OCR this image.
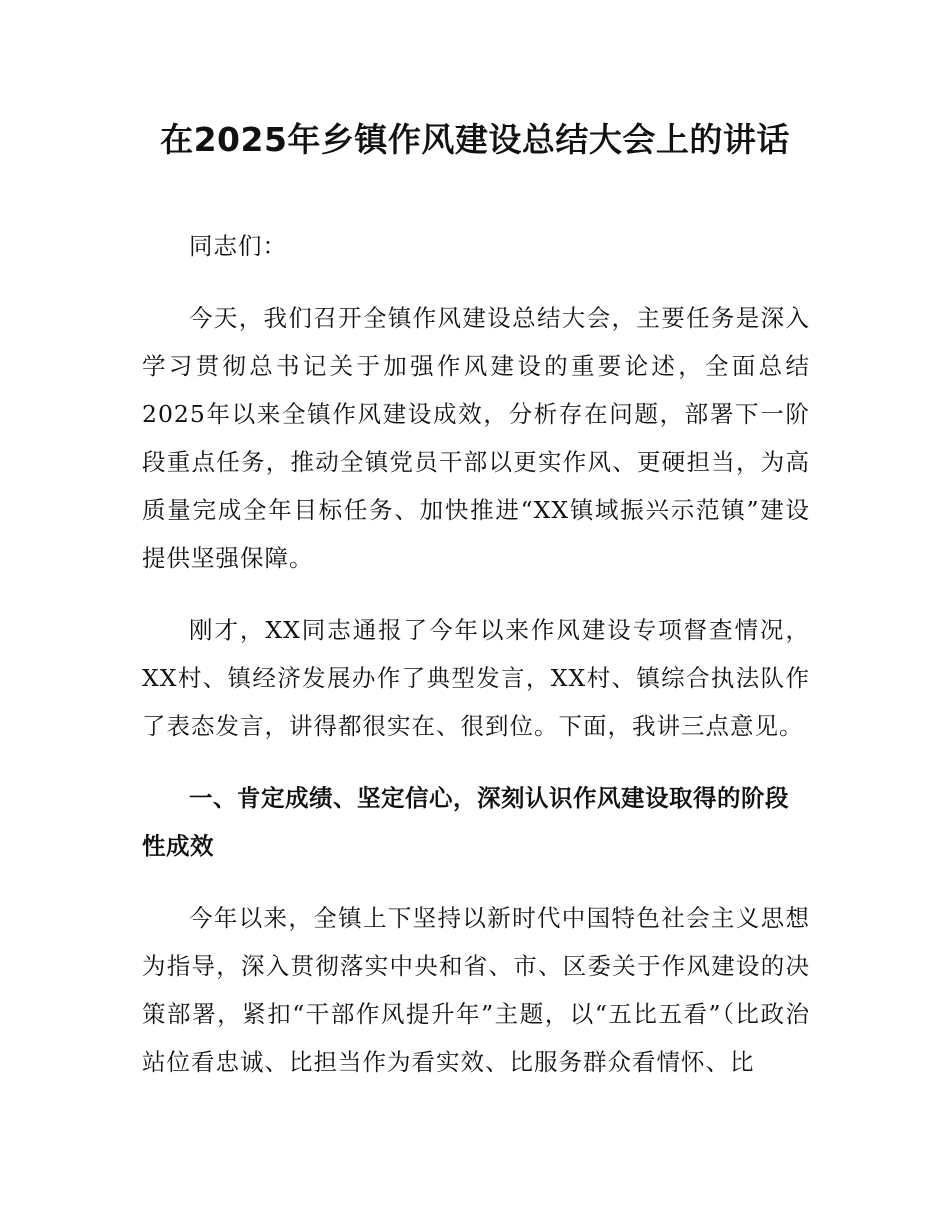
在2025年乡镇作风建设总结大会上的讲话

同志们：

今天，我们召开全镇作风建设总结大会，主要任务是深入学习贯彻总书记关于加强作风建设的重要论述，全面总结2025年以来全镇作风建设成效，分析存在问题，部署下一阶段重点任务，推动全镇党员干部以更实作风、更硬担当，为高质量完成全年目标任务、加快推进“XX镇域振兴示范镇”建设提供坚强保障。

刚才，XX同志通报了今年以来作风建设专项督查情况，XX村、镇经济发展办作了典型发言，XX村、镇综合执法队作了表态发言，讲得都很实在、很到位。下面，我讲三点意见。

一、肯定成绩、坚定信心，深刻认识作风建设取得的阶段性成效

今年以来，全镇上下坚持以新时代中国特色社会主义思想为指导，深入贯彻落实中央和省、市、区委关于作风建设的决策部署，紧扣“干部作风提升年”主题，以“五比五看”（比政治站位看忠诚、比担当作为看实效、比服务群众看情怀、比
